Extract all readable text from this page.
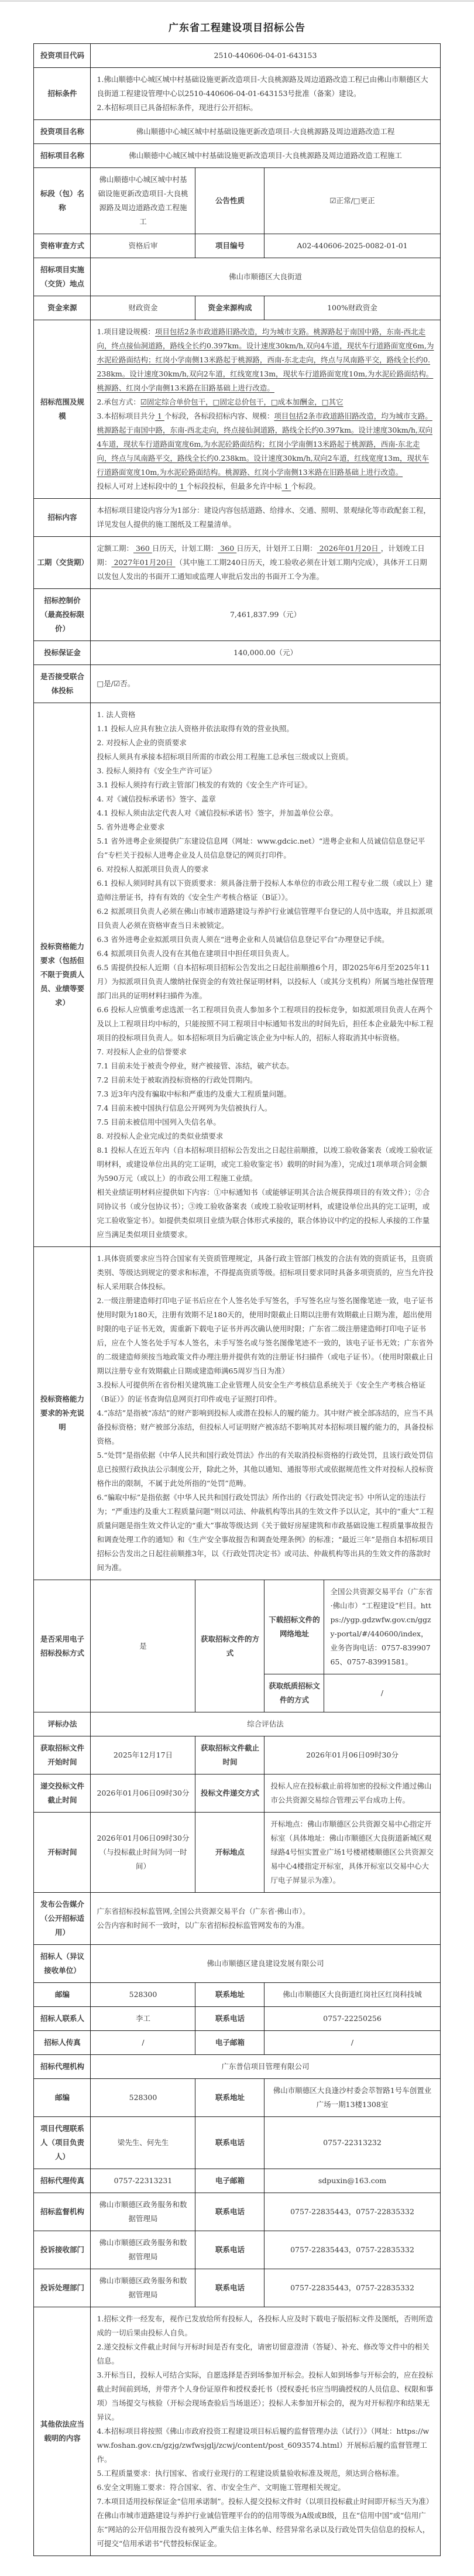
广东省工程建设项目招标公告
投资项目代码	2510-440606-04-01-643153			
招标条件	1.佛山顺德中心城区城中村基础设施更新改造项目-大良桃源路及周边道路改造工程已由佛山市顺德区大良街道工程建设管理中心以2510-440606-04-01-643153号批准（备案）建设。

2.本招标项目已具备招标条件，现进行公开招标。			

投资项目名称	佛山顺德中心城区城中村基础设施更新改造项目-大良桃源路及周边道路改造工程			
招标项目名称	佛山顺德中心城区城中村基础设施更新改造项目-大良桃源路及周边道路改造工程施工			
标段（包）名称	佛山顺德中心城区城中村基础设施更新改造项目-大良桃源路及周边道路改造工程施工	公告性质	☑正常/□更正	
资格审查方式	资格后审	项目编号	A02-440606-2025-0082-01-01	
招标项目实施（交货）地点	佛山市顺德区大良街道			
资金来源	财政资金	资金来源构成	100%财政资金	
招标范围及规模	1.项目建设规模：项目包括2条市政道路旧路改造，均为城市支路。桃源路起于南国中路，东南-西北走向，终点接仙洞道路，路线全长约0.397km。设计速度30km/h,双向4车道，现状车行道路面宽度6m,为水泥砼路面结构；红岗小学南侧13米路起于桃源路，西南-东北走向，终点与凤南路平交，路线全长约0.238km。设计速度30km/h,双向2车道，红线宽度13m，现状车行道路面宽度10m,为水泥砼路面结构。桃源路、红岗小学南侧13米路在旧路基础上进行改造。

2.承包方式：☑固定综合单价包干，□固定总价包干，□成本加酬金，□其它

3.本招标项目共分 1 个标段，各标段招标内容、规模：项目包括2条市政道路旧路改造，均为城市支路。桃源路起于南国中路，东南-西北走向，终点接仙洞道路，路线全长约0.397km。设计速度30km/h,双向4车道，现状车行道路面宽度6m,为水泥砼路面结构；红岗小学南侧13米路起于桃源路，西南-东北走向，终点与凤南路平交，路线全长约0.238km。设计速度30km/h,双向2车道，红线宽度13m，现状车行道路面宽度10m,为水泥砼路面结构。桃源路、红岗小学南侧13米路在旧路基础上进行改造。

投标人可对上述标段中的 1 个标段投标，但最多允许中标 1 个标段。			

招标内容	本招标项目建设内容分为1部分：建设内容包括道路、给排水、交通、照明、景观绿化等市政配套工程，详见发包人提供的施工图纸及工程量清单。			
工期（交货期）	定额工期： 360 日历天，计划工期： 360 日历天，计划开工日期： 2026年01月20日 ，计划竣工日期： 2027年01月20日 （其中施工工期240日历天，竣工验收必须在计划工期内完成），具体开工日期以发包人发出的书面开工通知或监理人审批后发出的书面开工令为准。			
招标控制价（最高投标限价）	7,461,837.99（元）			
投标保证金	140,000.00（元）			
是否接受联合体投标	□是/☑否。			
投标资格能力要求（包括但不限于资质人员、业绩等要求）	

1. 法人资格

1.1 投标人应具有独立法人资格并依法取得有效的营业执照。

2. 对投标人企业的资质要求

投标人须具有承接本招标项目所需的市政公用工程施工总承包三级或以上资质。

3. 投标人须持有《安全生产许可证》

3.1 投标人须持有行政主管部门核发的有效的《安全生产许可证》。

4. 对《诚信投标承诺书》签字、盖章

4.1 投标人须由法定代表人对《诚信投标承诺书》签字，并加盖单位公章。

5. 省外进粤企业要求

5.1 省外进粤企业须提供广东建设信息网（网址：www.gdcic.net）“进粤企业和人员诚信信息登记平台”专栏关于投标人进粤企业及人员信息登记的网页打印件。

6. 对投标人拟派项目负责人的要求

6.1 投标人须同时具有以下资质要求：须具备注册于投标人本单位的市政公用工程专业二级（或以上）建造师注册证书，持有有效的《安全生产考核合格证（B证）》。

6.2 拟派项目负责人必须在佛山市城市道路建设与养护行业诚信管理平台登记的人员中选取，并且拟派项目负责人必须在资格审查当日未被锁定。

6.3 省外进粤企业拟派项目负责人须在“进粤企业和人员诚信信息登记平台”办理登记手续。

6.4 拟派项目负责人没有在其他在建项目中担任项目负责人。

6.5 需提供投标人近期（自本招标项目招标公告发出之日起往前顺推6个月，即2025年6月至2025年11月）为拟派项目负责人缴纳社保资金的有效社保证明材料，以投标人（或其分支机构）所属当地社保管理部门出具的证明材料扫描件为准。

6.6 投标人应慎重考虑选派一名工程项目负责人参加多个工程项目的投标竞争，如拟派项目负责人在两个及以上工程项目均中标的，只能按照不同工程项目中标通知书发出的时间先后，担任本企业最先中标工程项目的投标项目负责人。如本招标项目为后确定该企业为中标人的，招标人将取消其中标资格。

7. 对投标人企业的信誉要求

7.1 目前未处于被责令停业，财产被接管、冻结，破产状态。

7.2 目前未处于被取消投标资格的行政处罚期内。

7.3 近3年内没有骗取中标和严重违约及重大工程质量问题。

7.4 目前未被中国执行信息公开网列为失信被执行人。

7.5 目前未被信用中国列入失信名单。

8. 对投标人企业完成过的类似业绩要求

8.1 投标人在近五年内（自本招标项目招标公告发出之日起往前顺推，以竣工验收备案表（或竣工验收证明材料，或建设单位出具的完工证明，或完工验收鉴定书）载明的时间为准），完成过1项单项合同金额为590万元（或以上）的市政公用工程施工业绩。

相关业绩证明材料应提供如下内容：①中标通知书（或能够证明其合法合规获得项目的有效文件）；②合同协议书（或分包协议书）；③竣工验收备案表（或竣工验收证明材料，或建设单位出具的完工证明，或完工验收鉴定书）。如提供类似项目业绩为联合体形式承接的，联合体协议中约定的投标人承接的工作量应当满足类似项目业绩要求。

投标资格能力要求的补充说明	

1.具体资质要求应当符合国家有关资质管理规定，具备行政主管部门核发的合法有效的资质证书，且资质类别、等级达到规定的要求和标准，不得提高资质等级。招标项目要求同时具备多项资质的，应当允许投标人采用联合体投标。

2.一级注册建造师打印电子证书后应在个人签名处手写签名，手写签名应与签名图像笔迹一致，电子证书使用时限为180天，注册有效期不足180天的，使用时限截止日期以注册有效期截止日期为准，超出使用时限的电子证书无效，需重新下载电子证书并再次确认使用时限；广东省二级注册建造师打印电子证书后，应在个人签名处手写本人签名，未手写签名或与签名图像笔迹不一致的，该电子证书无效；广东省外的二级建造师须按当地政策文件办理注册并提供有效的注册证书扫描件（或电子证书）。（使用时限截止日期以注册专业有效期截止日期或建造师满65周岁当日为准）

3.投标人可提供所在省份相关建筑施工企业管理人员安全生产考核信息系统关于《安全生产考核合格证（B证）》的证书查询信息网页打印件或电子证照打印件。

4.“冻结”是指被“冻结”的财产影响到投标人或潜在投标人的履约能力。其中财产被全部冻结的，应当不具备投标资格；财产被部分冻结，但投标人可证明财产被冻结不影响其对本招标项目履约能力的，具备投标资格。

5.“处罚”是指依据《中华人民共和国行政处罚法》作出的有关取消投标资格的行政处罚，且该行政处罚信息已按照行政执法公示制度公开，除此之外，其他以通知、通报等形式或依据规范性文件对投标人投标资格作出的限制，不属于此处所指的“处罚”范畴。

6.“骗取中标”是指依据《中华人民共和国行政处罚法》所作出的《行政处罚决定书》中所认定的违法行为；“严重违约及重大工程质量问题”则以司法、仲裁机构等出具的生效文件予以认定，其中的“重大”工程质量问题是指生效文件认定的“重大”事故等级达到《关于做好房屋建筑和市政基础设施工程质量事故报告和调查处理工作的通知》和《生产安全事故报告和调查处理条例》的标准；“最近三年”是指自本招标项目招标公告发出之日起往前顺推3年，以《行政处罚决定书》或司法、仲裁机构等出具的生效文件的落款时间为准。

是否采用电子招标投标方式	是	获取招标文件的方式	下载招标文件的网络地址	全国公共资源交易平台（广东省·佛山市）“工程建设”栏目。https://ygp.gdzwfw.gov.cn/ggzy-portal/#/440600/index，业务咨询电话：0757-83990765、0757-83991581。
			获取纸质招标文件的方式	/
评标办法	综合评估法			
获取招标文件开始时间	2025年12月17日	获取招标文件截止时间	2026年01月06日09时30分	
递交投标文件截止时间	2026年01月06日09时30分	投标文件递交方式	投标人应在投标截止前将加密的投标文件通过佛山市公共资源交易综合管理云平台成功上传。	
开标时间	2026年01月06日09时30分（与投标截止时间为同一时间）	开标地点	开标地点：佛山市顺德区公共资源交易中心指定开标室（具体地址：佛山市顺德区大良街道新城区观绿路4号恒实置业广场1号楼裙楼顺德区公共资源交易中心4楼指定开标室，具体开标室以交易中心大厅电子屏显示为准）。	
发布公告媒介（公开招标适用）	广东省招标投标监管网,全国公共资源交易平台（广东省·佛山市）。

公告内容和时间不一致时，以广东省招标投标监管网发布的为准。			

招标人（异议接收单位）	佛山市顺德区建良建设发展有限公司			
邮编	528300	联系地址	佛山市顺德区大良街道红岗社区红岗科技城	
招标人联系人	李工	联系电话	0757-22250256	
招标人传真	/	电子邮箱	/	
招标代理机构	广东普信项目管理有限公司			
邮编	528300	联系地址	佛山市顺德区大良逢沙村委会萃智路1号车创置业广场一期13楼1308室	
项目代理联系人（项目负责人）	梁先生、何先生	联系电话	0757-22313232	
招标代理传真	0757-22313231	电子邮箱	sdpuxin@163.com	
招标监督机构	佛山市顺德区政务服务和数据管理局	联系电话	0757-22835443，0757-22835332	
投诉接收部门	佛山市顺德区政务服务和数据管理局	联系电话	0757-22835443，0757-22835332	
投诉处理部门	佛山市顺德区政务服务和数据管理局	联系电话	0757-22835443，0757-22835332	
其他依法应当载明的内容	

1.招标文件一经发布，视作已发放给所有投标人，各投标人应及时下载电子版招标文件及图纸，否则所造成的一切后果由投标人自负。

2.递交投标文件截止时间与开标时间是否有变化，请密切留意澄清（答疑）、补充、修改等文件中的相关信息。

3.开标当日，投标人可结合实际，自愿选择是否到场参加开标会。投标人如到场参与开标会的，应在投标截止时间前到场，并带齐个人身份证原件和授权委托书（授权委托书应当明确授权的人员信息、权限和事项）当场提交与核验（开标会现场查验后当场退还）；投标人未参加开标会的，视为对开标程序和结果无异议。

4.本招标项目将按照《佛山市政府投资工程建设项目标后履约监督管理办法（试行）》（网址：https://www.foshan.gov.cn/gzjg/zwfwsjglj/zcwj/content/post_6093574.html）开展标后履约监督管理工作。

5.工程质量要求：执行国家、省或行业现行的工程建设质量验收标准及规范，须达到合格标准。

6.安全文明施工要求：符合国家、省、市安全生产、文明施工管理相关规定。

7.本项目适用投标保证金“信用承诺制”。投标人提交投标文件时（以项目投标截止时间即开标当天为准）在佛山市城市道路建设与养护行业诚信管理平台的的信用等级为A级或B级，且在“信用中国”或“信用广东”网站的公开信用报告没有被列入严重失信主体名单、经营异常名录以及行政处罚失信信息的投标人，可提交“信用承诺书”代替投标保证金。
